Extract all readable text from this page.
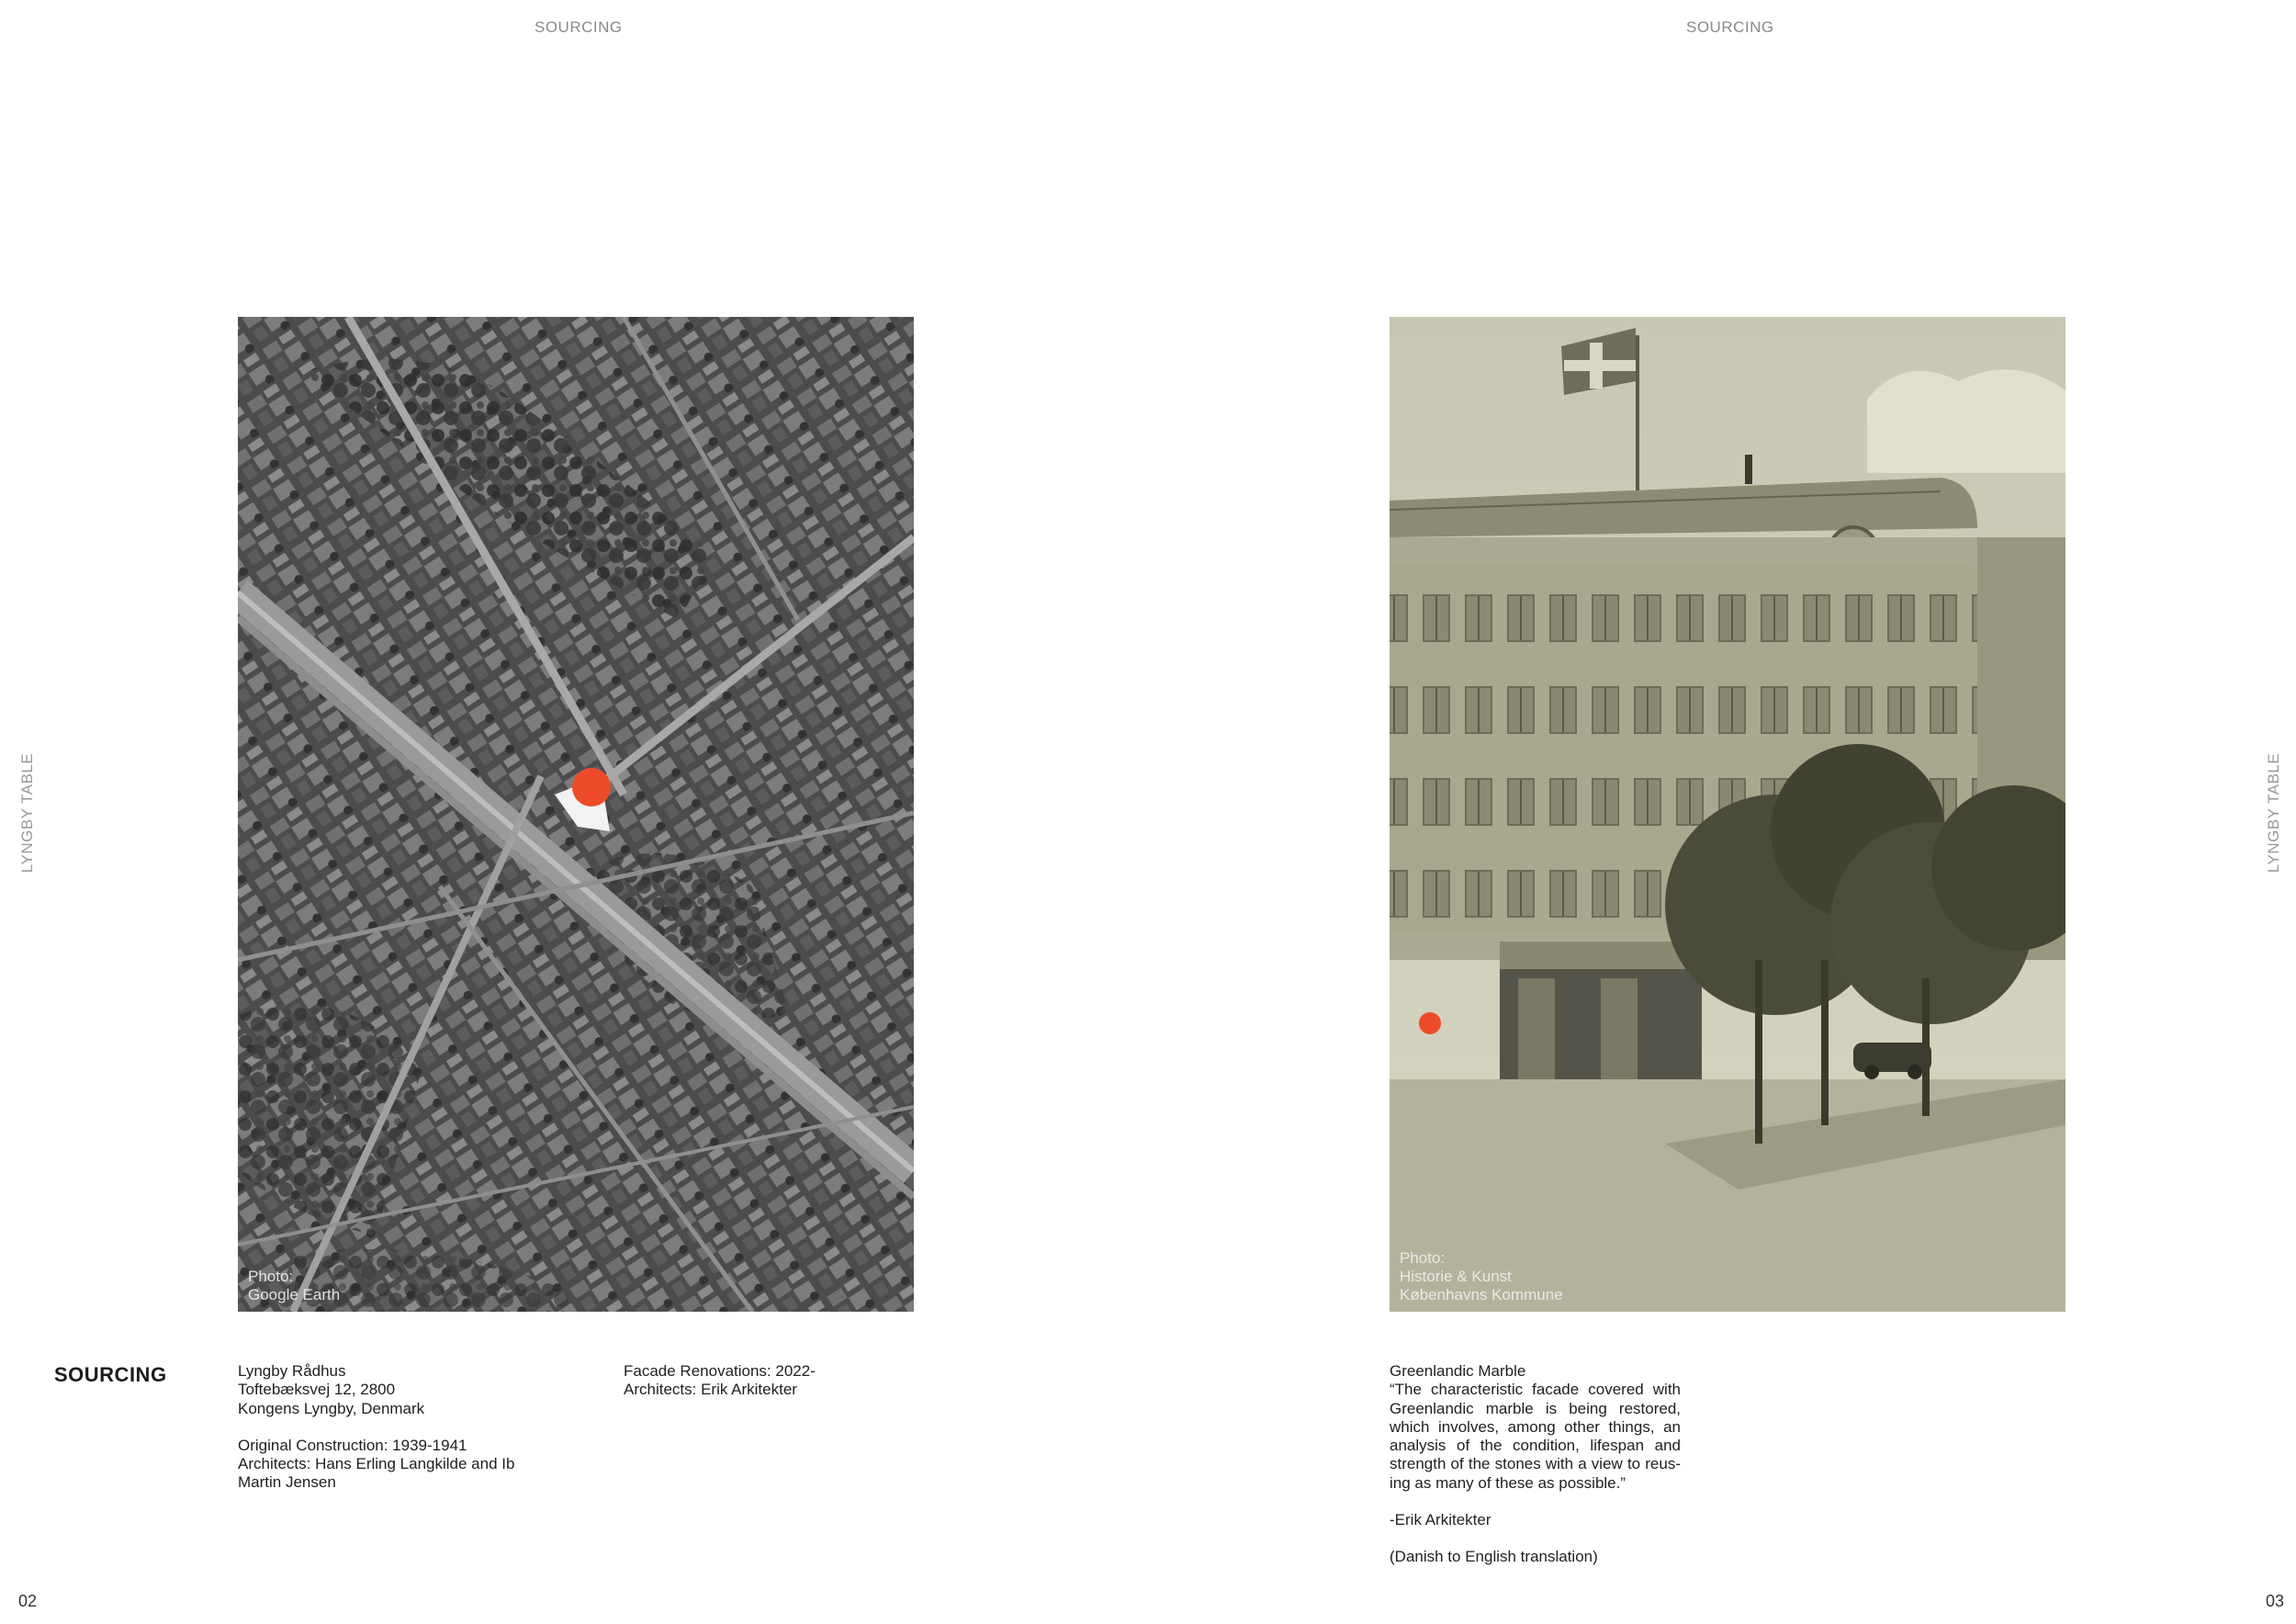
SOURCING
LYNGBY TABLE
02
Photo:
Google Earth
SOURCING	Lyngby Rådhus
Toftebæksvej 12, 2800
Kongens Lyngby, Denmark
Original Construction: 1939-1941
Architects: Hans Erling Langkilde and Ib
Martin Jensen
Facade Renovations: 2022-
Architects: Erik Arkitekter
SOURCING
LYNGBY TABLE
03
Photo:
Historie & Kunst
Københavns Kommune
Greenlandic Marble
“The characteristic facade covered with Greenlandic marble is being restored, which involves, among other things, an analysis of the condition, lifespan and strength of the stones with a view to reus-ing as many of these as possible.”
-Erik Arkitekter
(Danish to English translation)
